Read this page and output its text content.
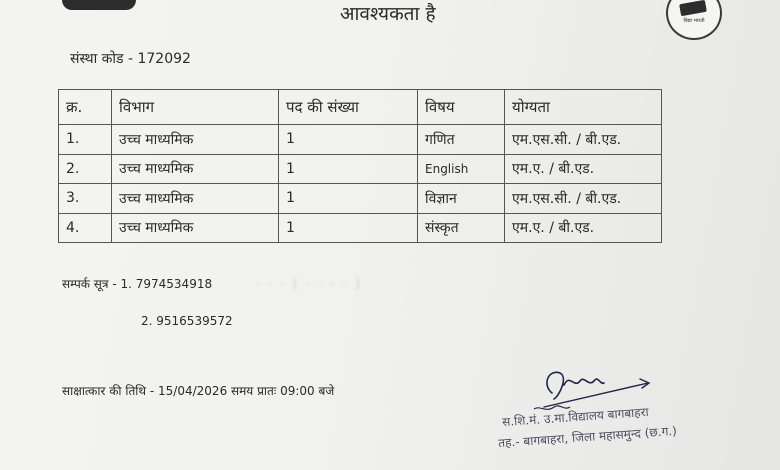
विद्या भारती
आवश्यकता है
संस्था कोड - 172092
क्र.	विभाग	पद की संख्या	विषय	योग्यता
1.	उच्च माध्यमिक	1	गणित	एम.एस.सी. / बी.एड.
2.	उच्च माध्यमिक	1	English	एम.ए. / बी.एड.
3.	उच्च माध्यमिक	1	विज्ञान	एम.एस.सी. / बी.एड.
4.	उच्च माध्यमिक	1	संस्कृत	एम.ए. / बी.एड.
सम्पर्क सूत्र - 1. 7974534918	· · · ( · · · · )
2. 9516539572
साक्षात्कार की तिथि - 15/04/2026 समय प्रातः 09:00 बजे
स.शि.मं. उ.मा.विद्यालय बागबाहरा
तह.- बागबाहरा, जिला महासमुन्द (छ.ग.)
